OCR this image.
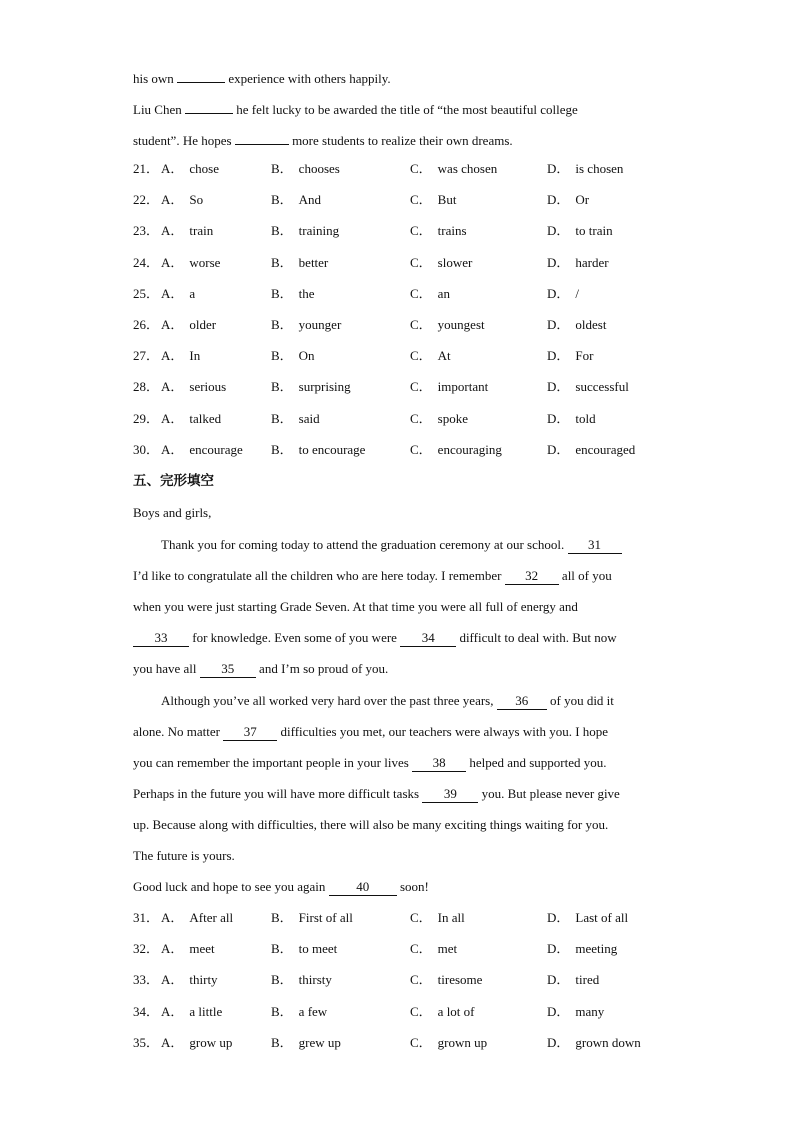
his own	experience with others happily.
Liu Chen	he felt lucky to be awarded the title of “the most beautiful college
student”. He hopes	more students to realize their own dreams.
21． A． chose	B． chooses	C． was chosen	D． is chosen
22． A． So	B． And	C． But	D． Or
23． A． train	B． training	C． trains	D． to train
24． A． worse	B． better	C． slower	D． harder
25． A． a	B． the	C． an	D． /
26． A． older	B． younger	C． youngest	D． oldest
27． A． In	B． On	C． At	D． For
28． A． serious	B． surprising	C． important	D． successful
29． A． talked	B． said	C． spoke	D． told
30． A． encourage B． to encourage	C． encouraging	D． encouraged
五、完形填空
Boys and girls,
Thank you for coming today to attend the graduation ceremony at our school. 31
I’d like to congratulate all the children who are here today. I remember 32 all of you
when you were just starting Grade Seven. At that time you were all full of energy and
33 for knowledge. Even some of you were 34 difficult to deal with. But now
you have all 35 and I’m so proud of you.
Although you’ve all worked very hard over the past three years, 36 of you did it
alone. No matter 37 difficulties you met, our teachers were always with you. I hope
you can remember the important people in your lives 38 helped and supported you.
Perhaps in the future you will have more difficult tasks 39 you. But please never give
up. Because along with difficulties, there will also be many exciting things waiting for you.
The future is yours.
Good luck and hope to see you again 40 soon!
31． A． After all	B． First of all	C． In all	D． Last of all
32． A． meet	B． to meet	C． met	D． meeting
33． A． thirty	B． thirsty	C． tiresome	D． tired
34． A． a little	B． a few	C． a lot of	D． many
35． A． grow up	B． grew up	C． grown up	D． grown down
